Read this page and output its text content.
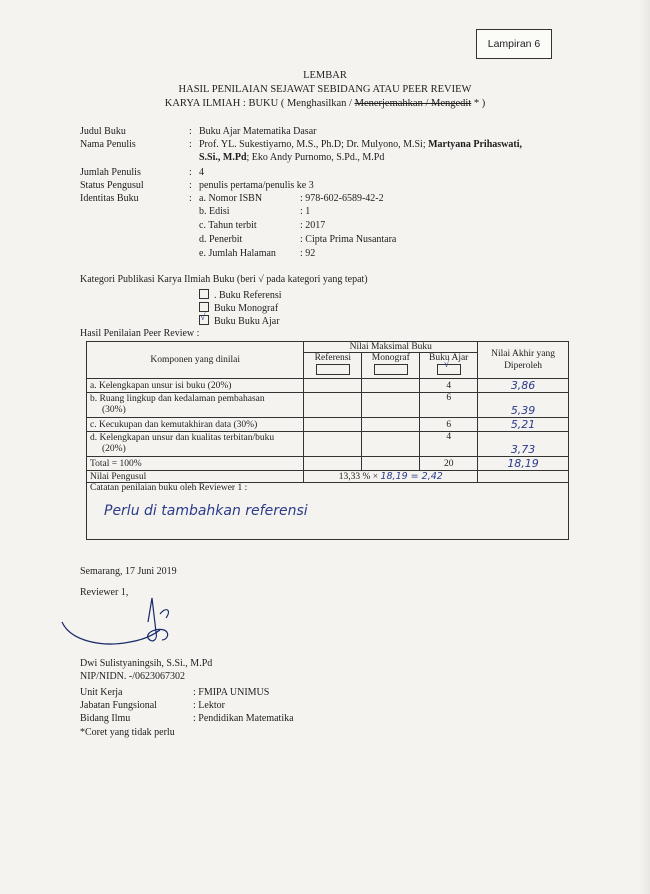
Lampiran 6
LEMBAR
HASIL PENILAIAN SEJAWAT SEBIDANG ATAU PEER REVIEW
KARYA ILMIAH : BUKU ( Menghasilkan / Menerjemahkan / Mengedit * )
Judul Buku	: Buku Ajar Matematika Dasar
Nama Penulis	: Prof. YL. Sukestiyarno, M.S., Ph.D; Dr. Mulyono, M.Si; Martyana Prihaswati,
S.Si., M.Pd; Eko Andy Purnomo, S.Pd., M.Pd
Jumlah Penulis	: 4
Status Pengusul	: penulis pertama/penulis ke 3
Identitas Buku	: a. Nomor ISBN	: 978-602-6589-42-2
b. Edisi	: 1
c. Tahun terbit	: 2017
d. Penerbit	: Cipta Prima Nusantara
e. Jumlah Halaman : 92
Kategori Publikasi Karya Ilmiah Buku (beri √ pada kategori yang tepat)
. Buku Referensi
Buku Monograf
√Buku Buku Ajar
Hasil Penilaian Peer Review :
Komponen yang dinilai	Nilai Maksimal Buku			Nilai Akhir yang Diperoleh

	Referensi	Monograf	Buku Ajar
√
a. Kelengkapan unsur isi buku (20%)			4	3,86

b. Ruang lingkup dan kedalaman pembahasan
(30%)			6	5,39
c. Kecukupan dan kemutakhiran data (30%)			6	5,21

d. Kelengkapan unsur dan kualitas terbitan/buku
(20%)			4	3,73
Total = 100%			20	18,19
Nilai Pengusul	13,33 % × 18,19 = 2,42			

Catatan penilaian buku oleh Reviewer 1 :
Perlu di tambahkan referensi				
Semarang, 17 Juni 2019
Reviewer 1,
Dwi Sulistyaningsih, S.Si., M.Pd
NIP/NIDN. -/0623067302
Unit Kerja	: FMIPA UNIMUS
Jabatan Fungsional	: Lektor
Bidang Ilmu	: Pendidikan Matematika
*Coret yang tidak perlu
